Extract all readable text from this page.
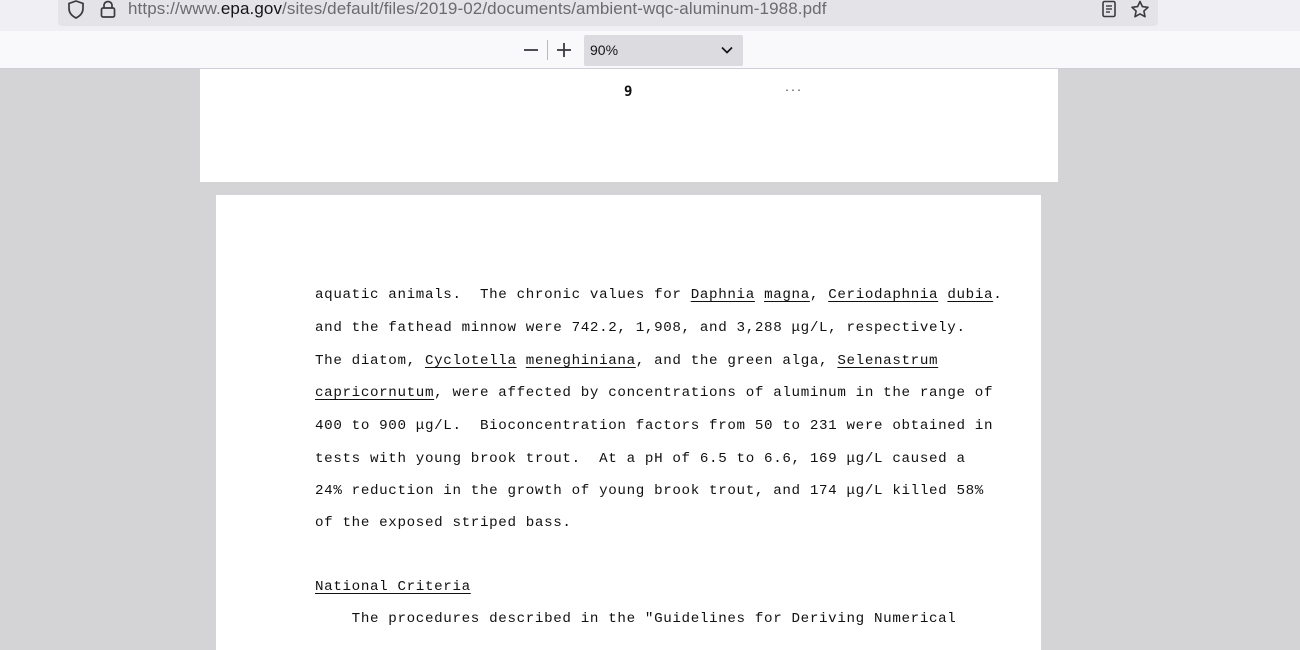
https://www.epa.gov/sites/default/files/2019-02/documents/ambient-wqc-aluminum-1988.pdf
90%
9	...
National Criteria
The procedures described in the "Guidelines for Deriving Numerical
aquatic animals.  The chronic values for Daphnia magna, Ceriodaphnia dubia.
and the fathead minnow were 742.2, 1,908, and 3,288 μg/L, respectively.
The diatom, Cyclotella meneghiniana, and the green alga, Selenastrum
capricornutum, were affected by concentrations of aluminum in the range of
400 to 900 μg/L.  Bioconcentration factors from 50 to 231 were obtained in
tests with young brook trout.  At a pH of 6.5 to 6.6, 169 μg/L caused a
24% reduction in the growth of young brook trout, and 174 μg/L killed 58%
of the exposed striped bass.
